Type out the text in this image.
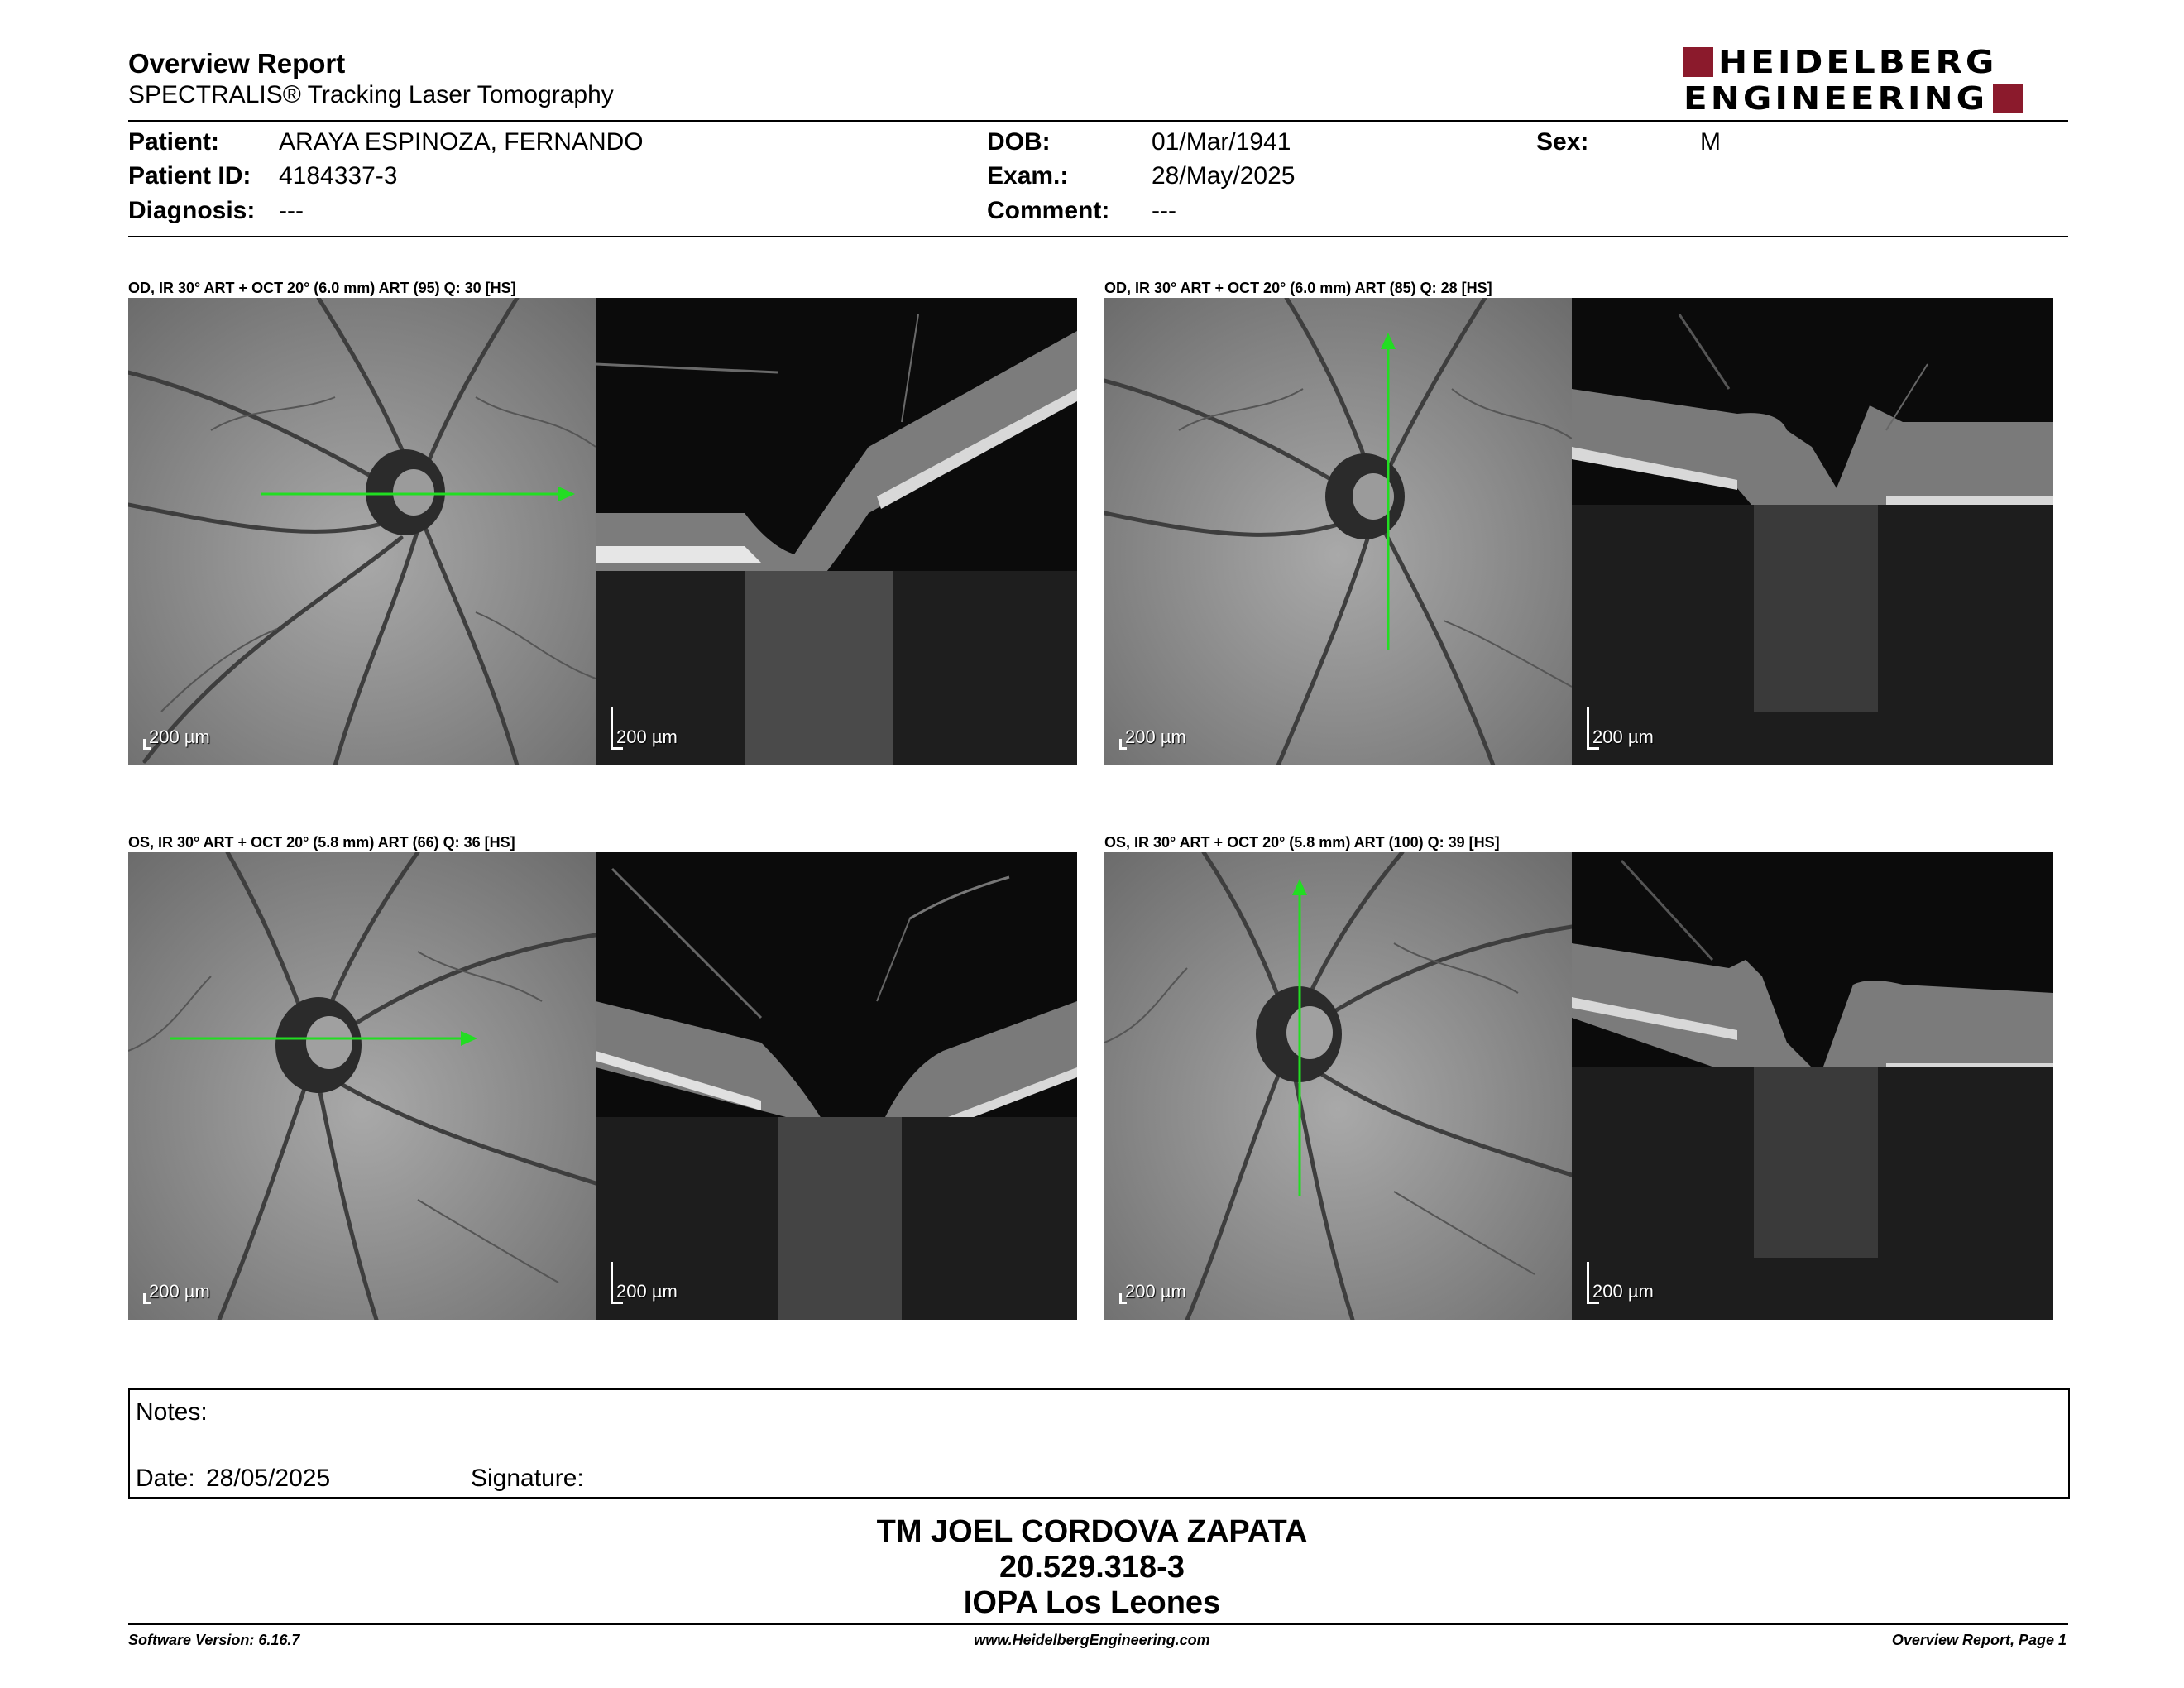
Overview Report
SPECTRALIS® Tracking Laser Tomography
HEIDELBERG
ENGINEERING
Patient: ARAYA ESPINOZA, FERNANDO
Patient ID: 4184337-3
Diagnosis: ---
DOB:	01/Mar/1941
Exam.:	28/May/2025
Comment: ---
Sex:	M
OD, IR 30° ART + OCT 20° (6.0 mm) ART (95) Q: 30 [HS]
200 µm	200 µm
OD, IR 30° ART + OCT 20° (6.0 mm) ART (85) Q: 28 [HS]
200 µm	200 µm
OS, IR 30° ART + OCT 20° (5.8 mm) ART (66) Q: 36 [HS]
200 µm	200 µm
OS, IR 30° ART + OCT 20° (5.8 mm) ART (100) Q: 39 [HS]
200 µm	200 µm
Notes:
Date: 28/05/2025	Signature:
TM JOEL CORDOVA ZAPATA
20.529.318-3
IOPA Los Leones
Software Version: 6.16.7	www.HeidelbergEngineering.com	Overview Report, Page 1
